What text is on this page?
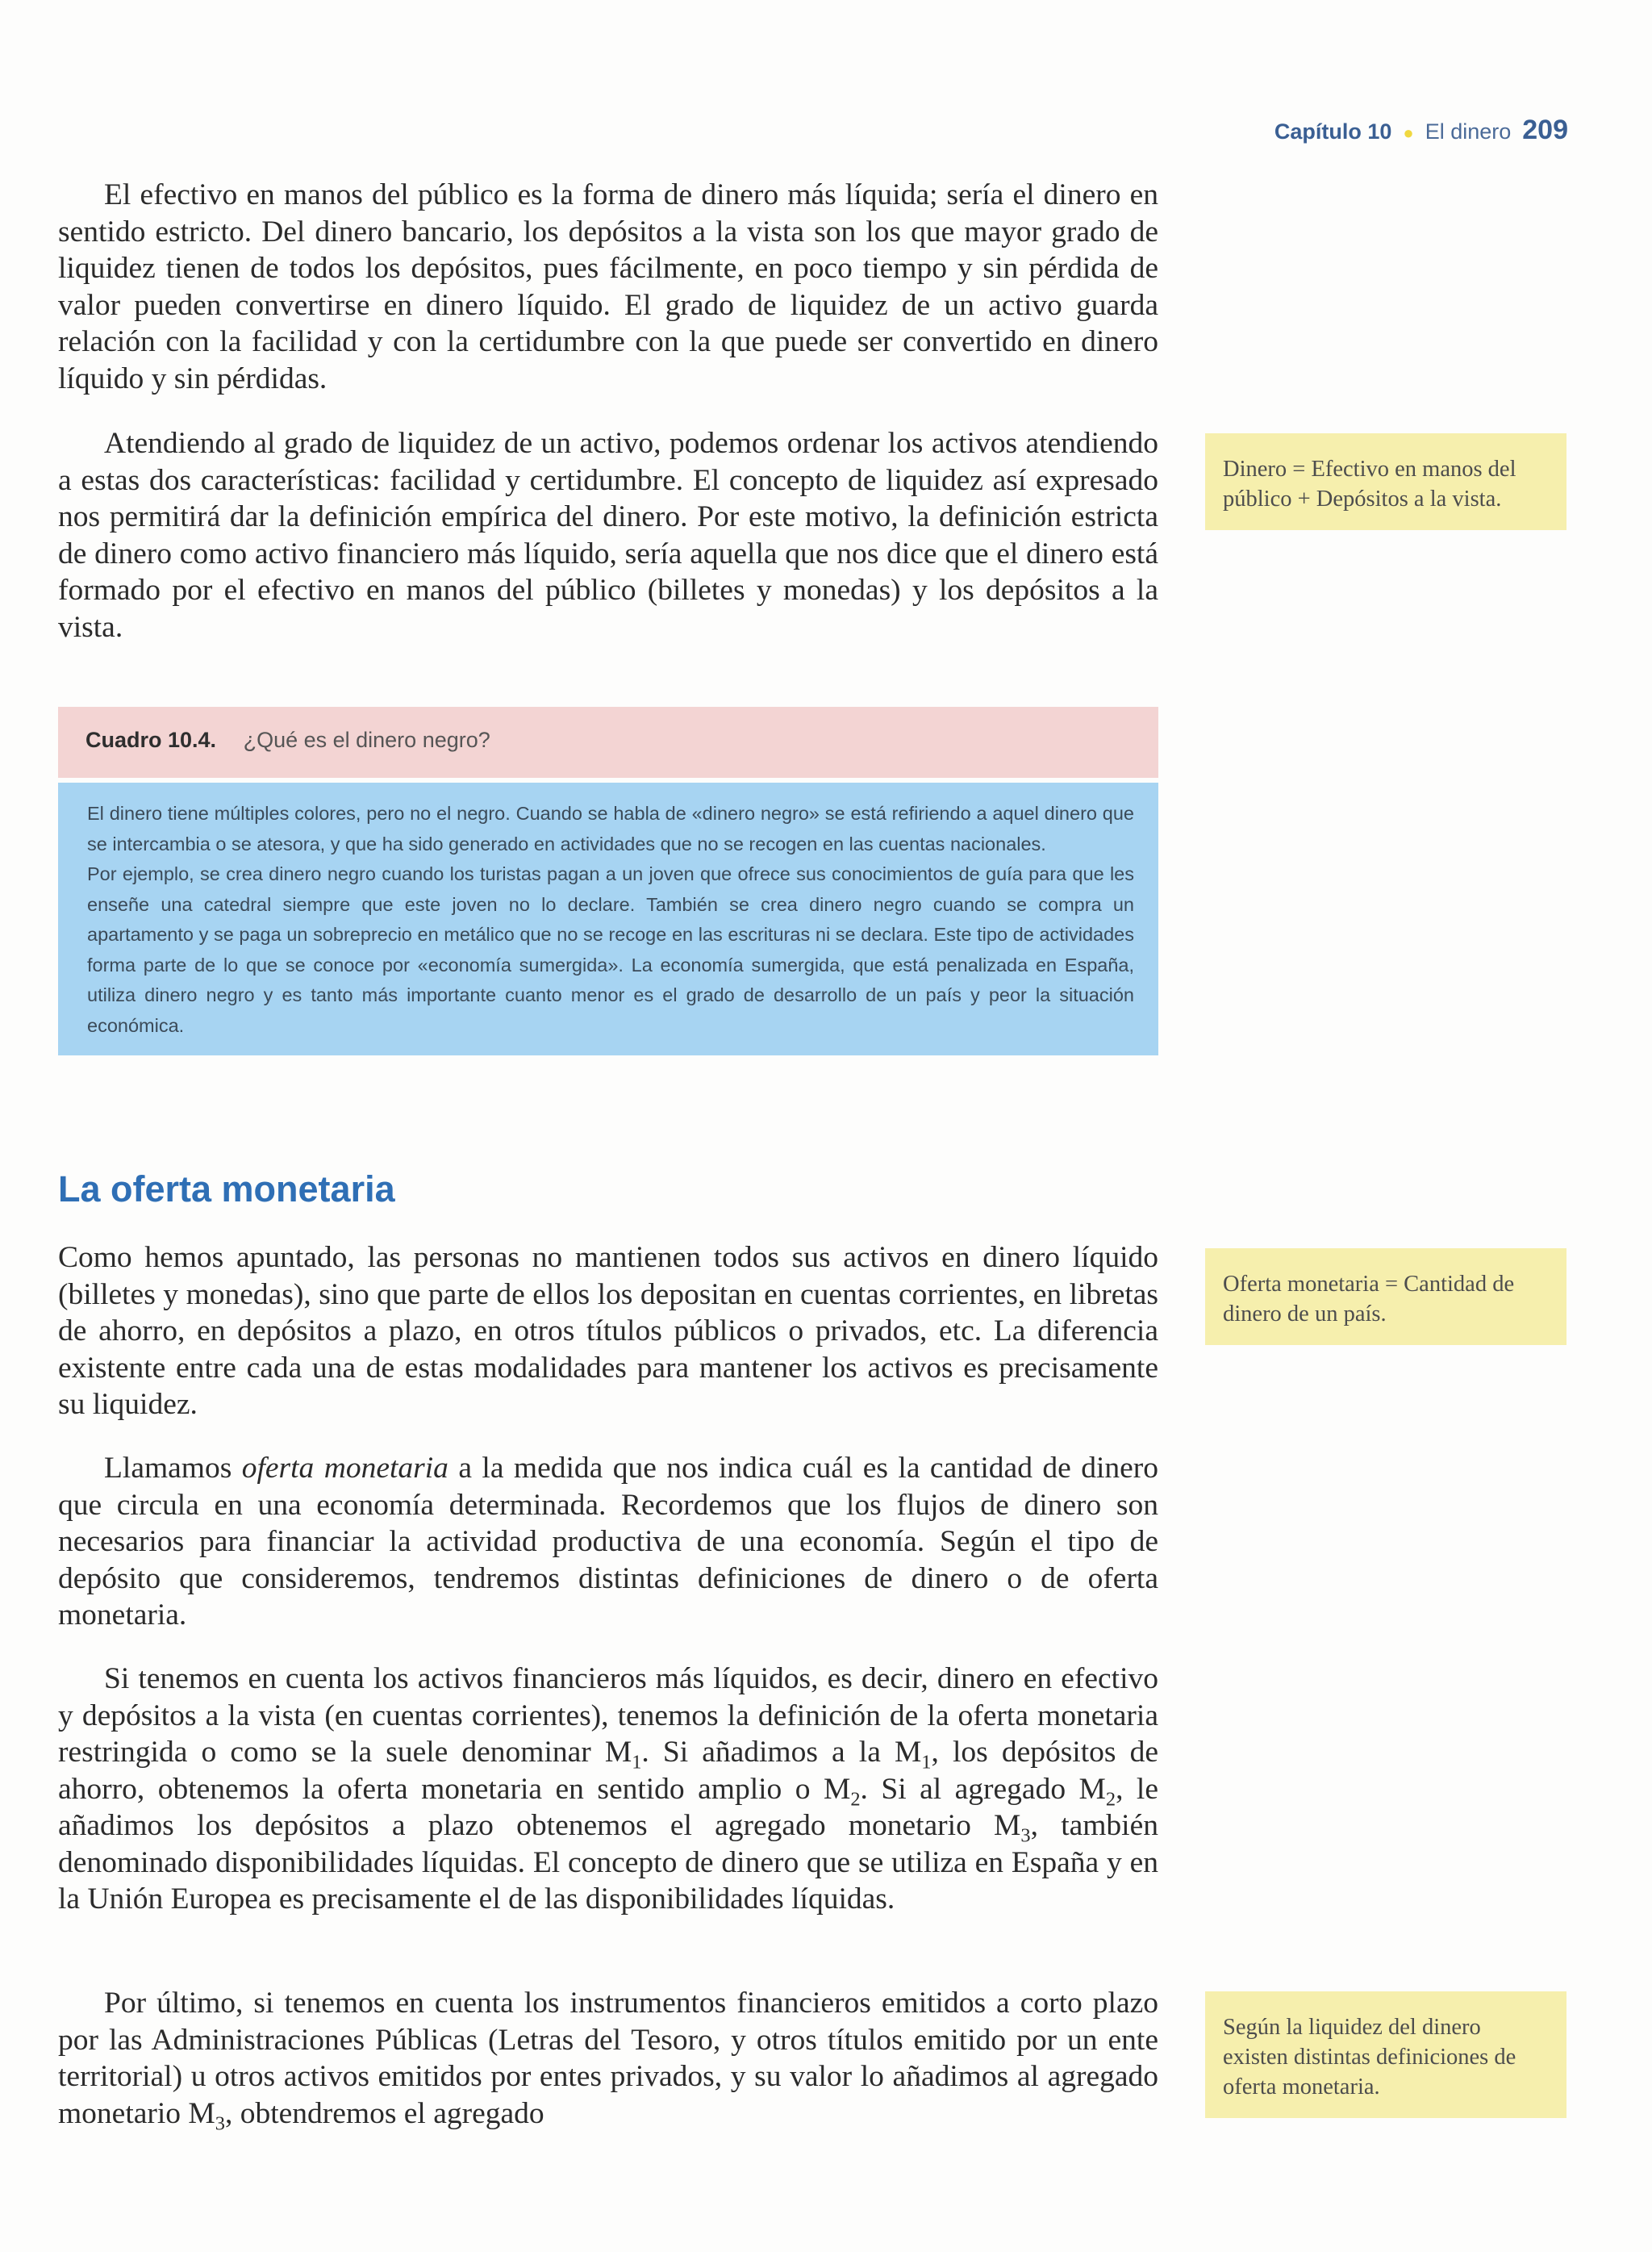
Capítulo 10 ● El dinero 209

El efectivo en manos del público es la forma de dinero más líquida; sería el dinero en sentido estricto. Del dinero bancario, los depósitos a la vista son los que mayor grado de liquidez tienen de todos los depósitos, pues fácilmente, en poco tiempo y sin pérdida de valor pueden convertirse en dinero líquido. El grado de liquidez de un activo guarda relación con la facilidad y con la certidumbre con la que puede ser convertido en dinero líquido y sin pérdidas.

Atendiendo al grado de liquidez de un activo, podemos ordenar los activos atendiendo a estas dos características: facilidad y certidumbre. El concepto de liquidez así expresado nos permitirá dar la definición empírica del dinero. Por este motivo, la definición estricta de dinero como activo financiero más líquido, sería aquella que nos dice que el dinero está formado por el efectivo en manos del público (billetes y monedas) y los depósitos a la vista.

Dinero = Efectivo en manos del público + Depósitos a la vista.
Cuadro 10.4. ¿Qué es el dinero negro?

El dinero tiene múltiples colores, pero no el negro. Cuando se habla de «dinero negro» se está refiriendo a aquel dinero que se intercambia o se atesora, y que ha sido generado en actividades que no se recogen en las cuentas nacionales.

Por ejemplo, se crea dinero negro cuando los turistas pagan a un joven que ofrece sus conocimientos de guía para que les enseñe una catedral siempre que este joven no lo declare. También se crea dinero negro cuando se compra un apartamento y se paga un sobreprecio en metálico que no se recoge en las escrituras ni se declara. Este tipo de actividades forma parte de lo que se conoce por «economía sumergida». La economía sumergida, que está penalizada en España, utiliza dinero negro y es tanto más importante cuanto menor es el grado de desarrollo de un país y peor la situación económica.

La oferta monetaria

Como hemos apuntado, las personas no mantienen todos sus activos en dinero líquido (billetes y monedas), sino que parte de ellos los depositan en cuentas corrientes, en libretas de ahorro, en depósitos a plazo, en otros títulos públicos o privados, etc. La diferencia existente entre cada una de estas modalidades para mantener los activos es precisamente su liquidez.

Oferta monetaria = Cantidad de dinero de un país.

Llamamos oferta monetaria a la medida que nos indica cuál es la cantidad de dinero que circula en una economía determinada. Recordemos que los flujos de dinero son necesarios para financiar la actividad productiva de una economía. Según el tipo de depósito que consideremos, tendremos distintas definiciones de dinero o de oferta monetaria.

Si tenemos en cuenta los activos financieros más líquidos, es decir, dinero en efectivo y depósitos a la vista (en cuentas corrientes), tenemos la definición de la oferta monetaria restringida o como se la suele denominar $M_1$. Si añadimos a la $M_1$, los depósitos de ahorro, obtenemos la oferta monetaria en sentido amplio o $M_2$. Si al agregado $M_2$, le añadimos los depósitos a plazo obtenemos el agregado monetario $M_3$, también denominado disponibilidades líquidas. El concepto de dinero que se utiliza en España y en la Unión Europea es precisamente el de las disponibilidades líquidas.

Por último, si tenemos en cuenta los instrumentos financieros emitidos a corto plazo por las Administraciones Públicas (Letras del Tesoro, y otros títulos emitido por un ente territorial) u otros activos emitidos por entes privados, y su valor lo añadimos al agregado monetario $M_3$, obtendremos el agregado

Según la liquidez del dinero existen distintas definiciones de oferta monetaria.
